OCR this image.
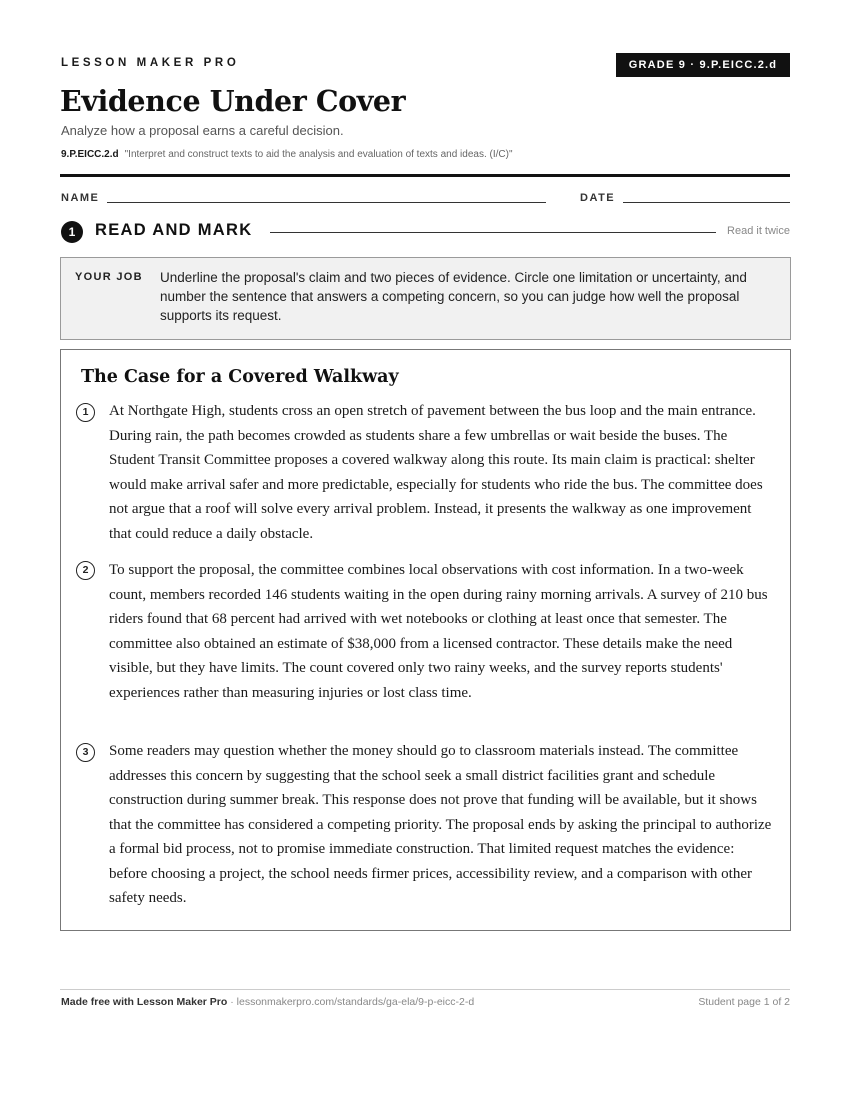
LESSON MAKER PRO	GRADE 9 · 9.P.EICC.2.d
Evidence Under Cover
Analyze how a proposal earns a careful decision.
9.P.EICC.2.d "Interpret and construct texts to aid the analysis and evaluation of texts and ideas. (I/C)"
NAME	DATE
1	READ AND MARK	Read it twice
YOUR JOB Underline the proposal's claim and two pieces of evidence. Circle one limitation or uncertainty, and number the sentence that answers a competing concern, so you can judge how well the proposal supports its request.
The Case for a Covered Walkway
1	At Northgate High, students cross an open stretch of pavement between the bus loop and the main entrance. During rain, the path becomes crowded as students share a few umbrellas or wait beside the buses. The Student Transit Committee proposes a covered walkway along this route. Its main claim is practical: shelter would make arrival safer and more predictable, especially for students who ride the bus. The committee does not argue that a roof will solve every arrival problem. Instead, it presents the walkway as one improvement that could reduce a daily obstacle.
2	To support the proposal, the committee combines local observations with cost information. In a two-week count, members recorded 146 students waiting in the open during rainy morning arrivals. A survey of 210 bus riders found that 68 percent had arrived with wet notebooks or clothing at least once that semester. The committee also obtained an estimate of $38,000 from a licensed contractor. These details make the need visible, but they have limits. The count covered only two rainy weeks, and the survey reports students' experiences rather than measuring injuries or lost class time.
3	Some readers may question whether the money should go to classroom materials instead. The committee addresses this concern by suggesting that the school seek a small district facilities grant and schedule construction during summer break. This response does not prove that funding will be available, but it shows that the committee has considered a competing priority. The proposal ends by asking the principal to authorize a formal bid process, not to promise immediate construction. That limited request matches the evidence: before choosing a project, the school needs firmer prices, accessibility review, and a comparison with other safety needs.
Made free with Lesson Maker Pro · lessonmakerpro.com/standards/ga-ela/9-p-eicc-2-d	Student page 1 of 2
